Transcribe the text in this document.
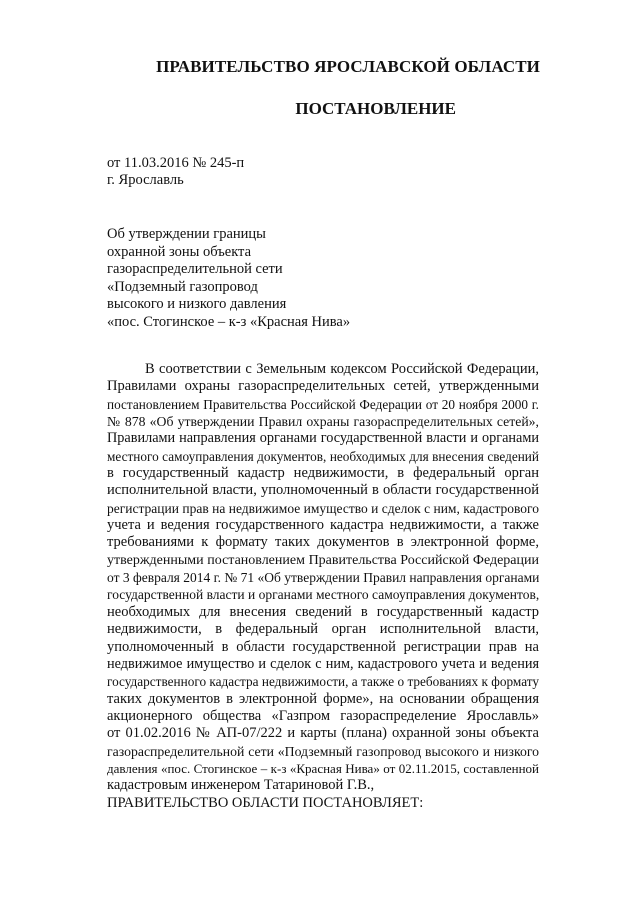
ПРАВИТЕЛЬСТВО ЯРОСЛАВСКОЙ ОБЛАСТИ
ПОСТАНОВЛЕНИЕ
от 11.03.2016 № 245-п
г. Ярославль
Об утверждении границы
охранной зоны объекта
газораспределительной сети
«Подземный газопровод
высокого и низкого давления
«пос. Стогинское – к-з «Красная Нива»
В соответствии с Земельным кодексом Российской Федерации,
Правилами охраны газораспределительных сетей, утвержденными
постановлением Правительства Российской Федерации от 20 ноября 2000 г.
№ 878 «Об утверждении Правил охраны газораспределительных сетей»,
Правилами направления органами государственной власти и органами
местного самоуправления документов, необходимых для внесения сведений
в государственный кадастр недвижимости, в федеральный орган
исполнительной власти, уполномоченный в области государственной
регистрации прав на недвижимое имущество и сделок с ним, кадастрового
учета и ведения государственного кадастра недвижимости, а также
требованиями к формату таких документов в электронной форме,
утвержденными постановлением Правительства Российской Федерации
от 3 февраля 2014 г. № 71 «Об утверждении Правил направления органами
государственной власти и органами местного самоуправления документов,
необходимых для внесения сведений в государственный кадастр
недвижимости, в федеральный орган исполнительной власти,
уполномоченный в области государственной регистрации прав на
недвижимое имущество и сделок с ним, кадастрового учета и ведения
государственного кадастра недвижимости, а также о требованиях к формату
таких документов в электронной форме», на основании обращения
акционерного общества «Газпром газораспределение Ярославль»
от 01.02.2016 № АП-07/222 и карты (плана) охранной зоны объекта
газораспределительной сети «Подземный газопровод высокого и низкого
давления «пос. Стогинское – к-з «Красная Нива» от 02.11.2015, составленной
кадастровым инженером Татариновой Г.В.,
ПРАВИТЕЛЬСТВО ОБЛАСТИ ПОСТАНОВЛЯЕТ:
